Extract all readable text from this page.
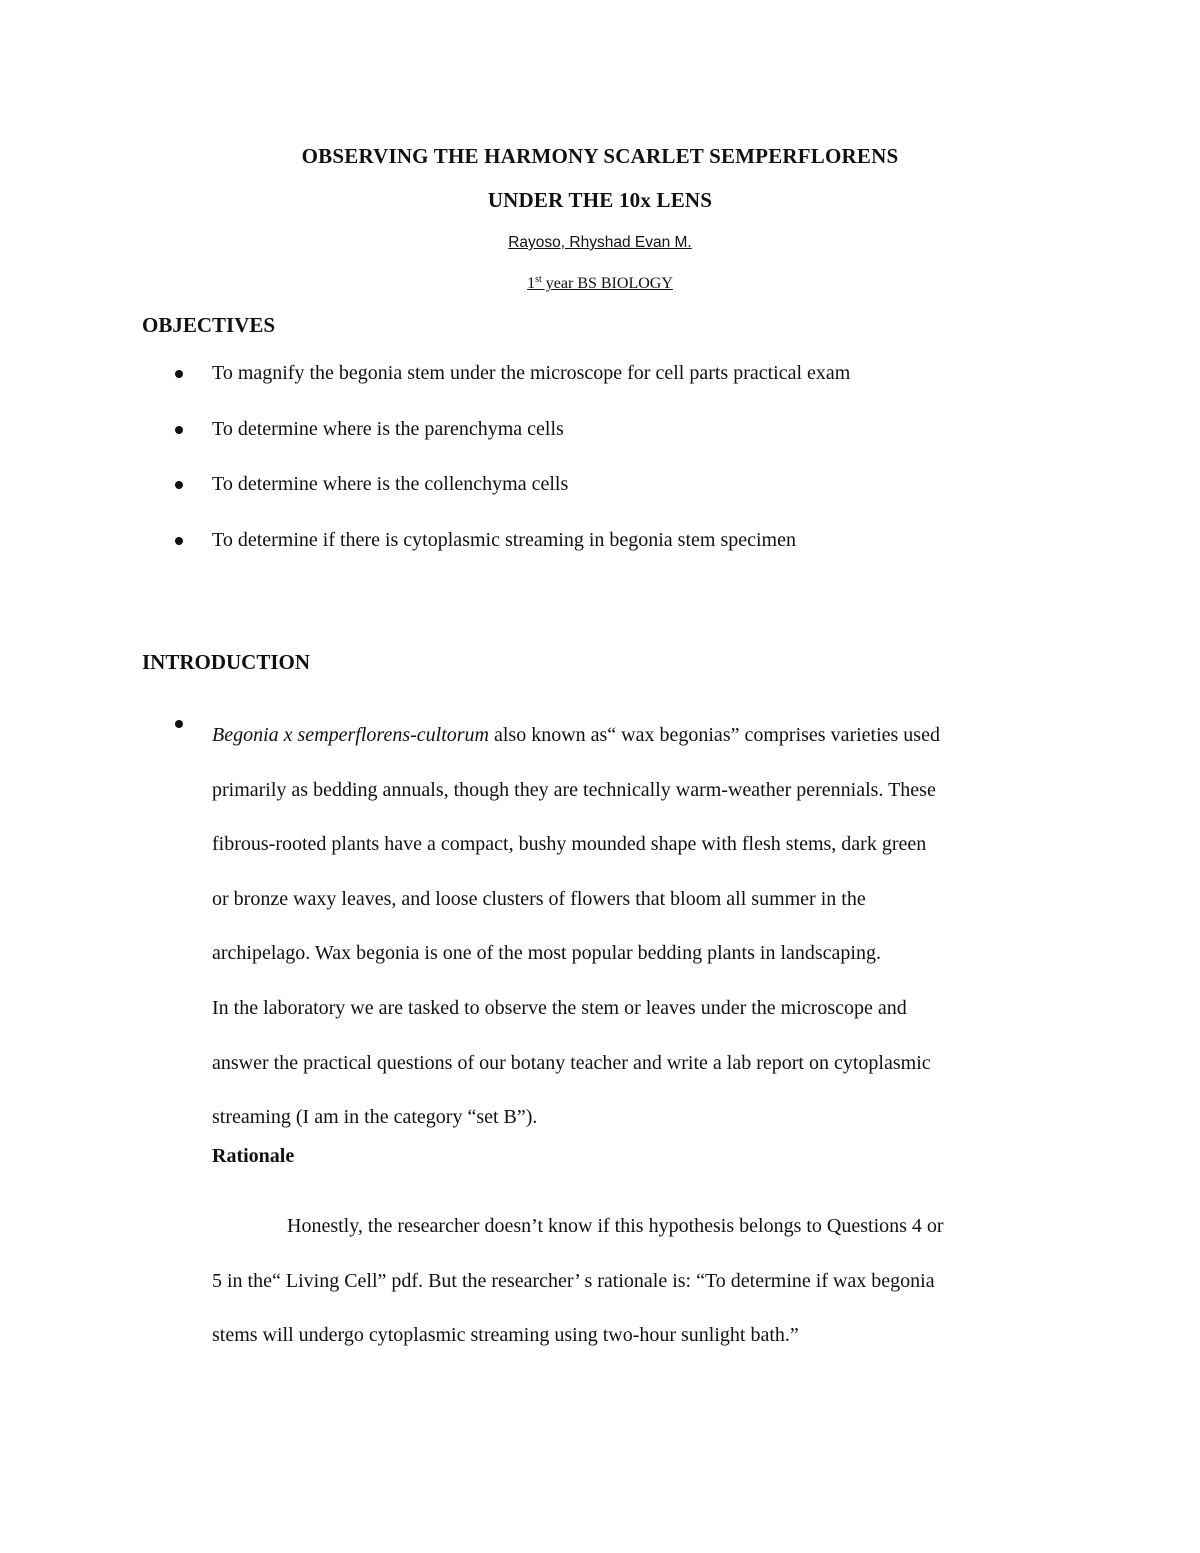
OBSERVING THE HARMONY SCARLET SEMPERFLORENS
UNDER THE 10x LENS

Rayoso, Rhyshad Evan M.

1st year BS BIOLOGY

OBJECTIVES
To magnify the begonia stem under the microscope for cell parts practical exam
To determine where is the parenchyma cells
To determine where is the collenchyma cells
To determine if there is cytoplasmic streaming in begonia stem specimen
INTRODUCTION

Begonia x semperflorens-cultorum also known as“ wax begonias” comprises varieties used
primarily as bedding annuals, though they are technically warm-weather perennials. These
fibrous-rooted plants have a compact, bushy mounded shape with flesh stems, dark green
or bronze waxy leaves, and loose clusters of flowers that bloom all summer in the
archipelago. Wax begonia is one of the most popular bedding plants in landscaping.
In the laboratory we are tasked to observe the stem or leaves under the microscope and
answer the practical questions of our botany teacher and write a lab report on cytoplasmic
streaming (I am in the category “set B”).

Rationale

Honestly, the researcher doesn’t know if this hypothesis belongs to Questions 4 or
5 in the“ Living Cell” pdf. But the researcher’ s rationale is: “To determine if wax begonia
stems will undergo cytoplasmic streaming using two-hour sunlight bath.”
